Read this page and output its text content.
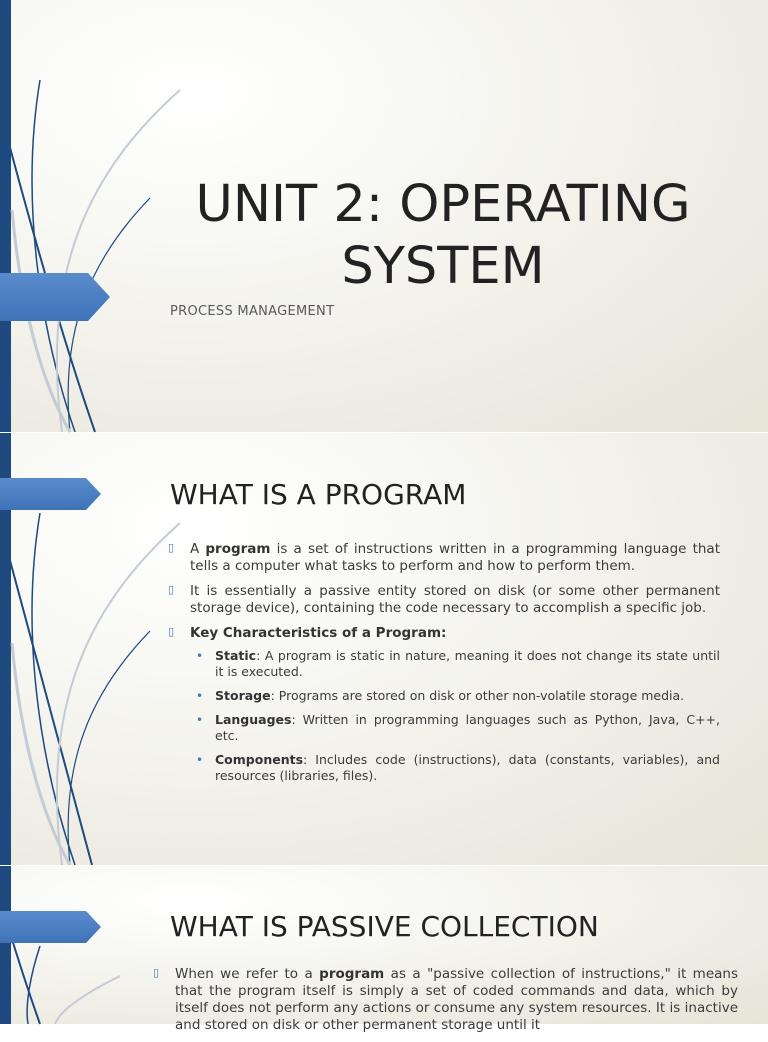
UNIT 2: OPERATING
SYSTEM
PROCESS MANAGEMENT
WHAT IS A PROGRAM
▯ A program is a set of instructions written in a programming language that tells a computer what tasks to perform and how to perform them.
▯ It is essentially a passive entity stored on disk (or some other permanent storage device), containing the code necessary to accomplish a specific job.
▯ Key Characteristics of a Program:
• Static: A program is static in nature, meaning it does not change its state until it is executed.
• Storage: Programs are stored on disk or other non-volatile storage media.
• Languages: Written in programming languages such as Python, Java, C++, etc.
• Components: Includes code (instructions), data (constants, variables), and resources (libraries, files).
WHAT IS PASSIVE COLLECTION
▯ When we refer to a program as a "passive collection of instructions," it means that the program itself is simply a set of coded commands and data, which by itself does not perform any actions or consume any system resources. It is inactive and stored on disk or other permanent storage until it
